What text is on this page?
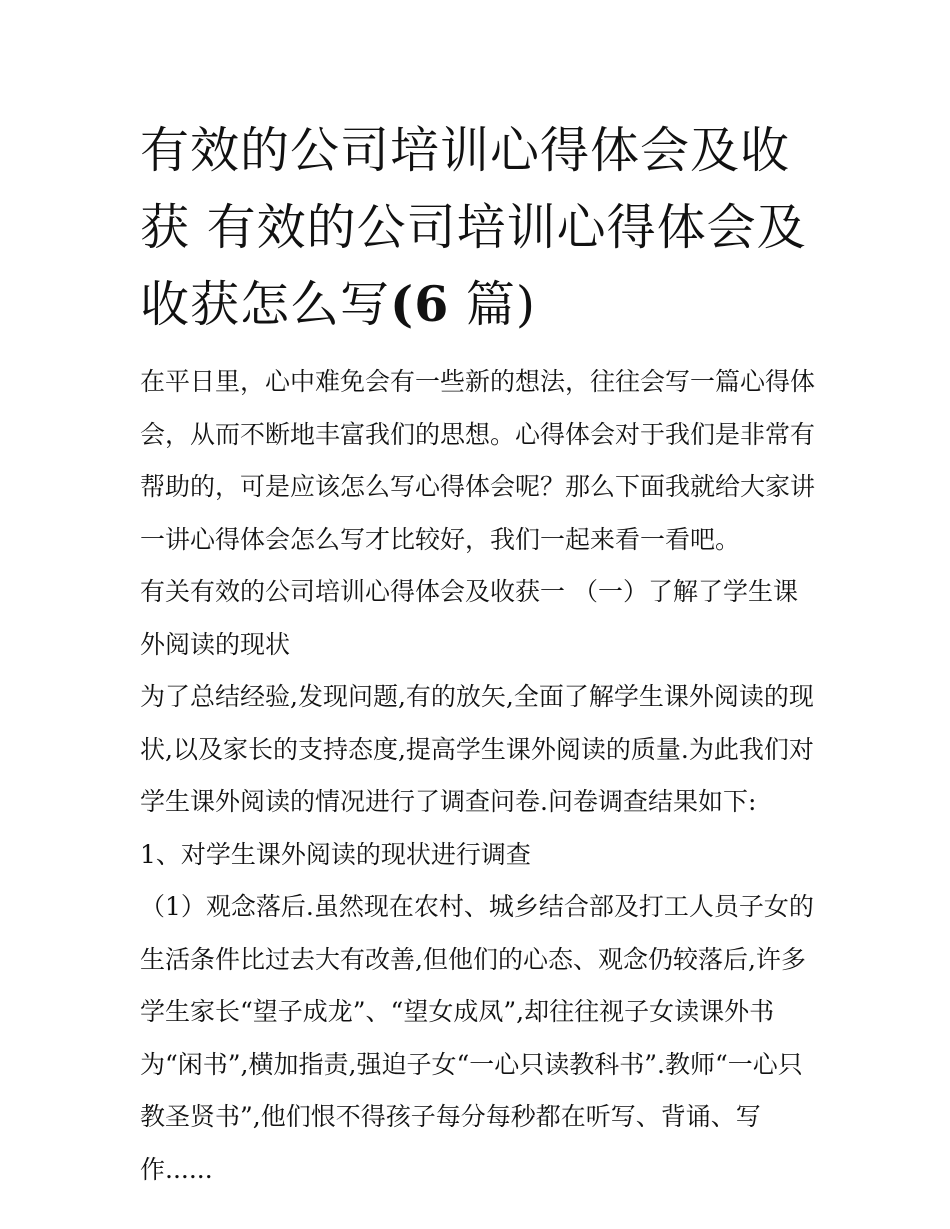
有效的公司培训心得体会及收获 有效的公司培训心得体会及收获怎么写(6 篇)

在平日里，心中难免会有一些新的想法，往往会写一篇心得体会，从而不断地丰富我们的思想。心得体会对于我们是非常有帮助的，可是应该怎么写心得体会呢？那么下面我就给大家讲一讲心得体会怎么写才比较好，我们一起来看一看吧。

有关有效的公司培训心得体会及收获一 （一）了解了学生课外阅读的现状

为了总结经验,发现问题,有的放矢,全面了解学生课外阅读的现状,以及家长的支持态度,提高学生课外阅读的质量.为此我们对学生课外阅读的情况进行了调查问卷.问卷调查结果如下:

1、对学生课外阅读的现状进行调查

（1）观念落后.虽然现在农村、城乡结合部及打工人员子女的生活条件比过去大有改善,但他们的心态、观念仍较落后,许多学生家长“望子成龙”、“望女成凤”,却往往视子女读课外书为“闲书”,横加指责,强迫子女“一心只读教科书”.教师“一心只教圣贤书”,他们恨不得孩子每分每秒都在听写、背诵、写作......
